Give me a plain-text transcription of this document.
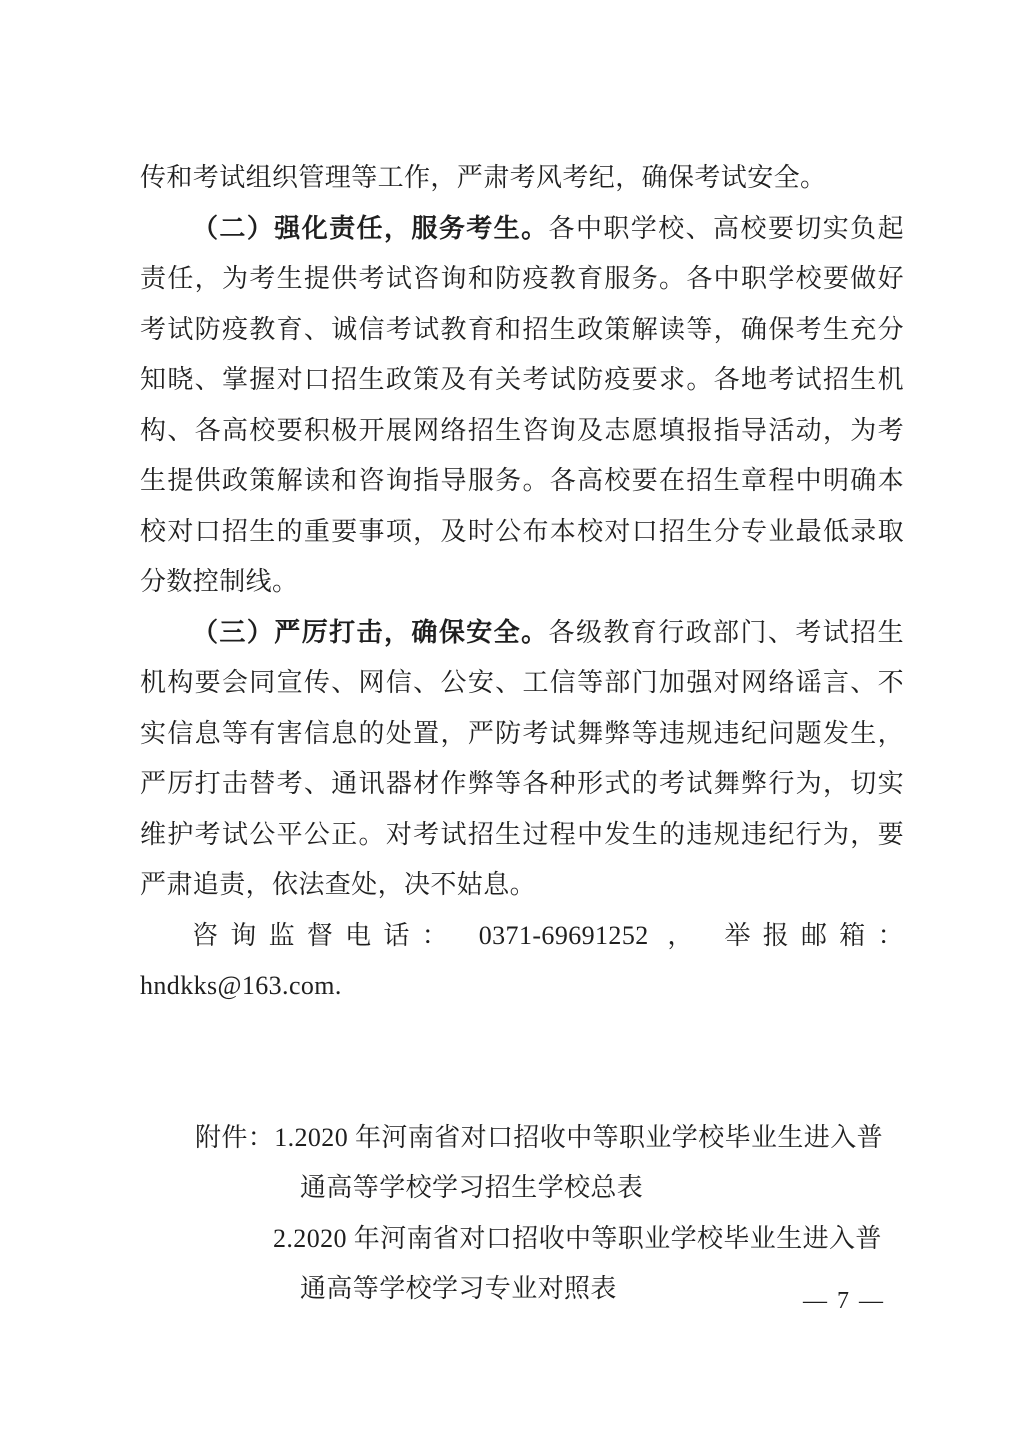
传和考试组织管理等工作，严肃考风考纪，确保考试安全。
（二）强化责任，服务考生。各中职学校、高校要切实负起
责任，为考生提供考试咨询和防疫教育服务。各中职学校要做好
考试防疫教育、诚信考试教育和招生政策解读等，确保考生充分
知晓、掌握对口招生政策及有关考试防疫要求。各地考试招生机
构、各高校要积极开展网络招生咨询及志愿填报指导活动，为考
生提供政策解读和咨询指导服务。各高校要在招生章程中明确本
校对口招生的重要事项，及时公布本校对口招生分专业最低录取
分数控制线。
（三）严厉打击，确保安全。各级教育行政部门、考试招生
机构要会同宣传、网信、公安、工信等部门加强对网络谣言、不
实信息等有害信息的处置，严防考试舞弊等违规违纪问题发生，
严厉打击替考、通讯器材作弊等各种形式的考试舞弊行为，切实
维护考试公平公正。对考试招生过程中发生的违规违纪行为，要
严肃追责，依法查处，决不姑息。
咨询监督电话： 0371-69691252 ， 举报邮箱：
hndkks@163.com.
附件：1.2020 年河南省对口招收中等职业学校毕业生进入普
通高等学校学习招生学校总表
2.2020 年河南省对口招收中等职业学校毕业生进入普
通高等学校学习专业对照表	— 7 —
